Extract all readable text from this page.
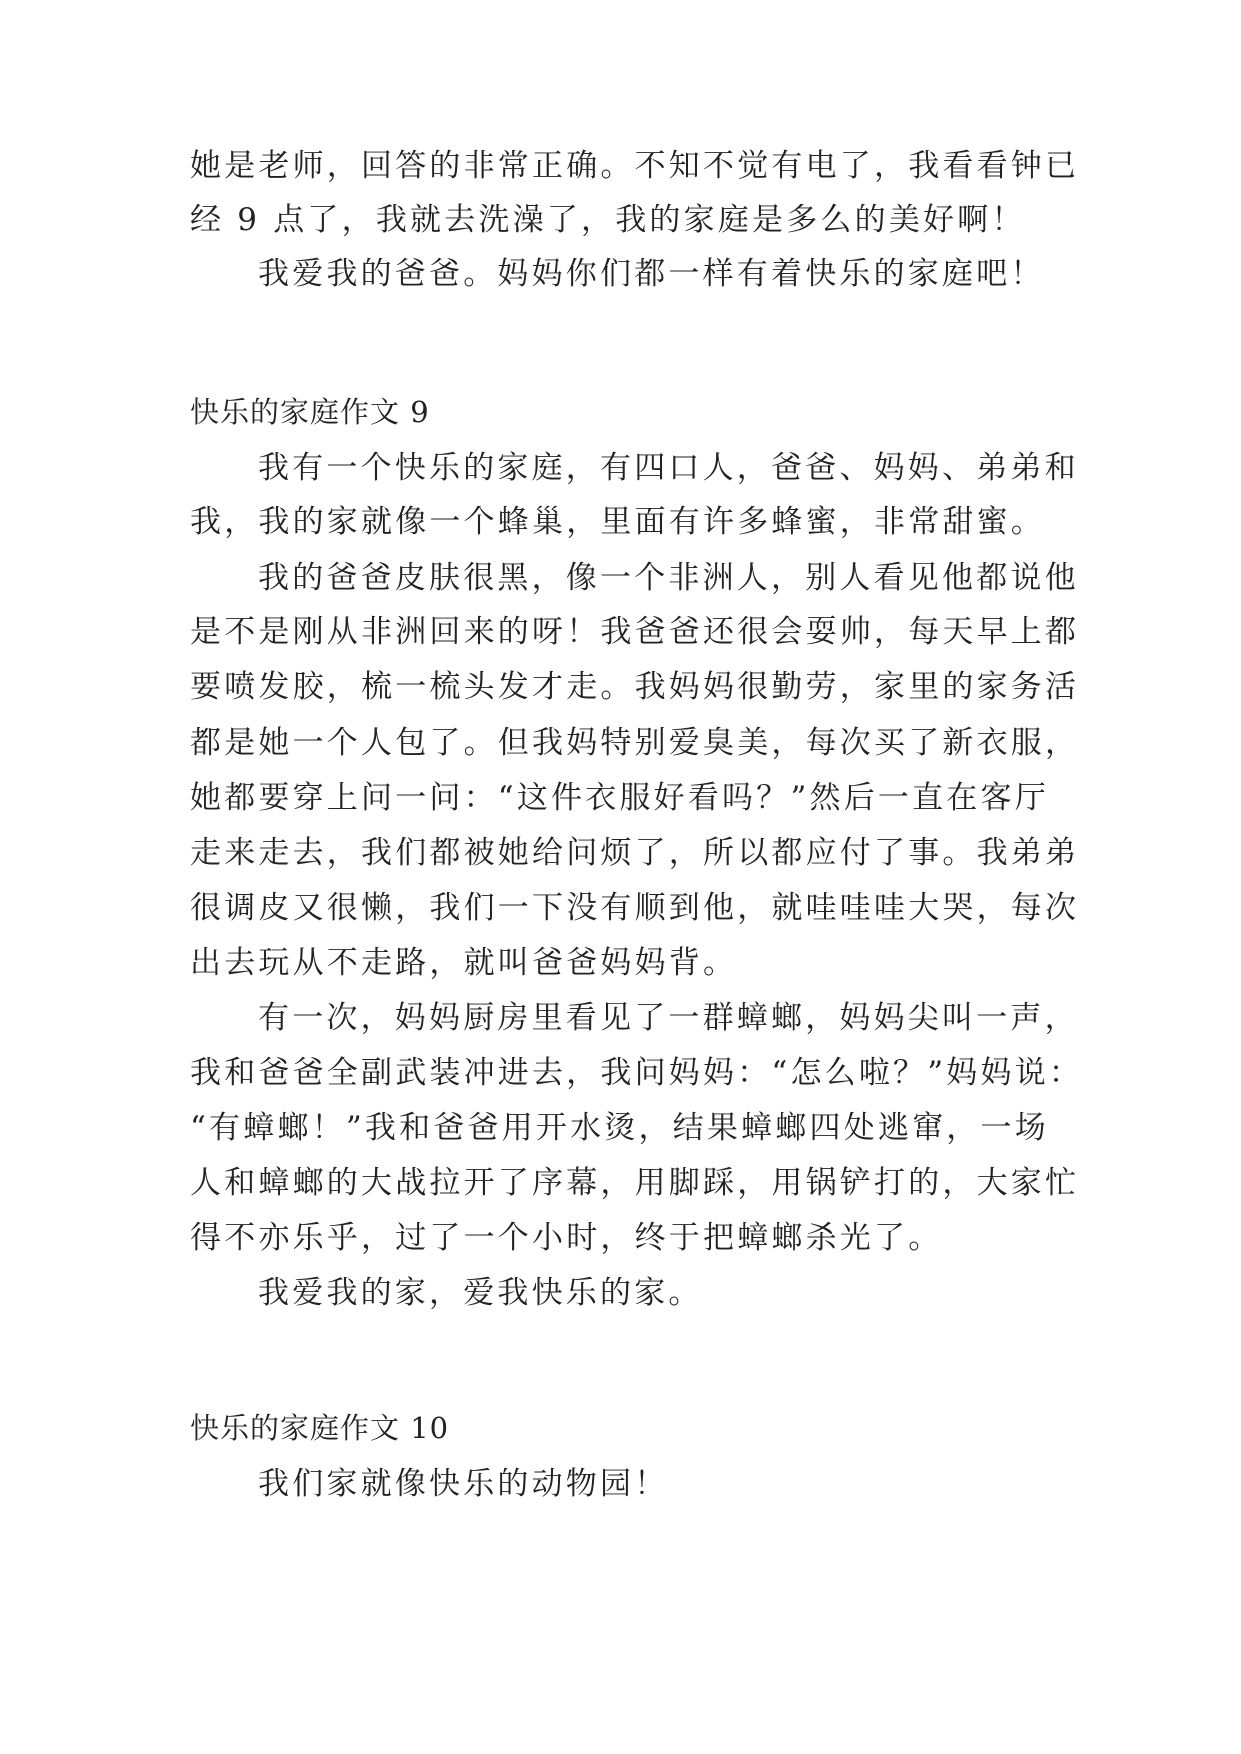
她是老师，回答的非常正确。不知不觉有电了，我看看钟已
经 9 点了，我就去洗澡了，我的家庭是多么的美好啊！
我爱我的爸爸。妈妈你们都一样有着快乐的家庭吧！
快乐的家庭作文 9
我有一个快乐的家庭，有四口人，爸爸、妈妈、弟弟和
我，我的家就像一个蜂巢，里面有许多蜂蜜，非常甜蜜。
我的爸爸皮肤很黑，像一个非洲人，别人看见他都说他
是不是刚从非洲回来的呀！我爸爸还很会耍帅，每天早上都
要喷发胶，梳一梳头发才走。我妈妈很勤劳，家里的家务活
都是她一个人包了。但我妈特别爱臭美，每次买了新衣服，
她都要穿上问一问：“这件衣服好看吗？”然后一直在客厅
走来走去，我们都被她给问烦了，所以都应付了事。我弟弟
很调皮又很懒，我们一下没有顺到他，就哇哇哇大哭，每次
出去玩从不走路，就叫爸爸妈妈背。
有一次，妈妈厨房里看见了一群蟑螂，妈妈尖叫一声，
我和爸爸全副武装冲进去，我问妈妈：“怎么啦？”妈妈说：
“有蟑螂！”我和爸爸用开水烫，结果蟑螂四处逃窜，一场
人和蟑螂的大战拉开了序幕，用脚踩，用锅铲打的，大家忙
得不亦乐乎，过了一个小时，终于把蟑螂杀光了。
我爱我的家，爱我快乐的家。
快乐的家庭作文 10
我们家就像快乐的动物园！
